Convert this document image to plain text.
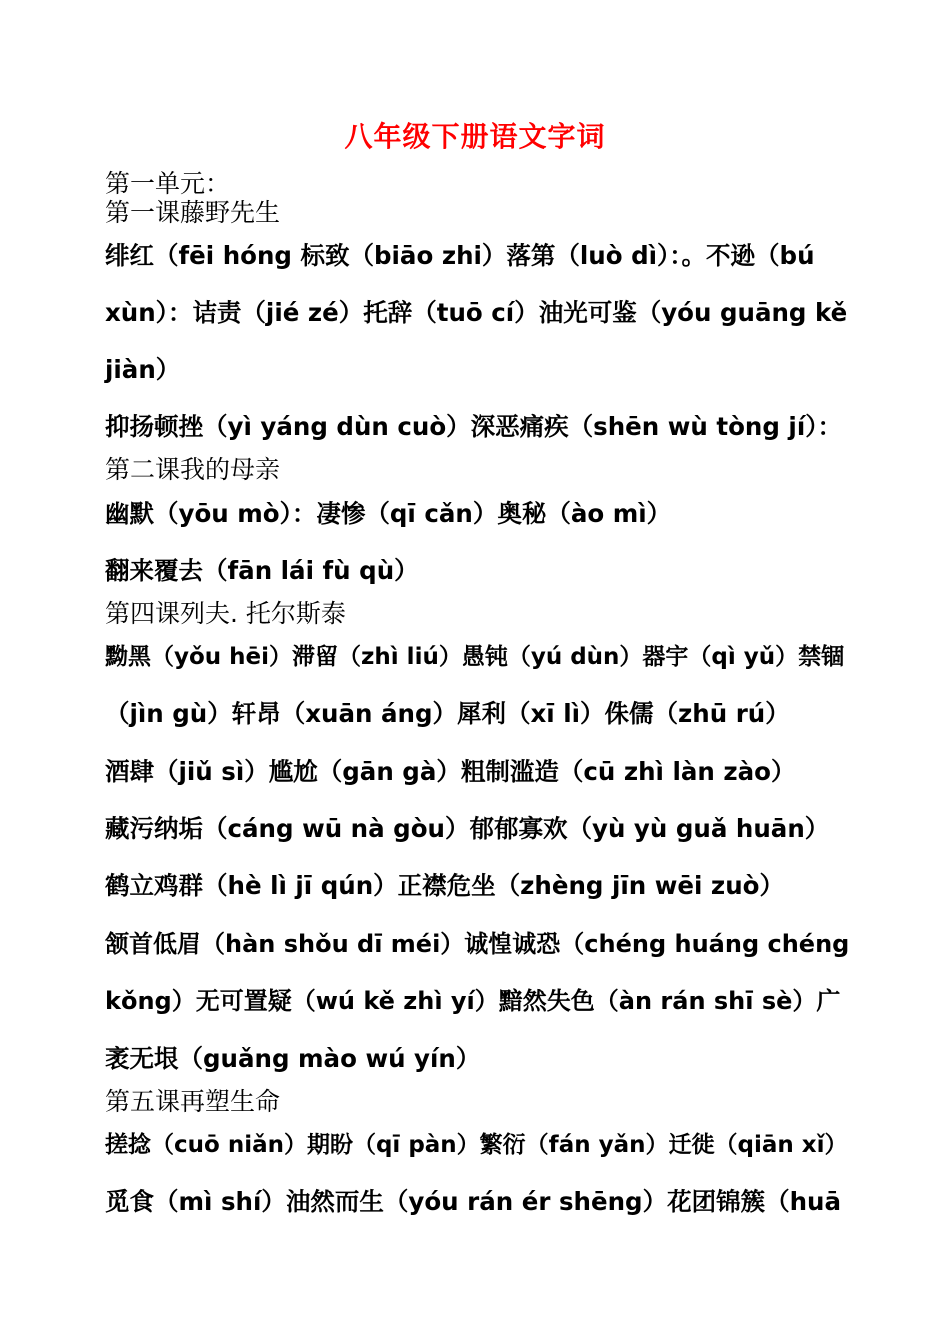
八年级下册语文字词
第一单元：
第一课藤野先生
绯红（fēi hóng 标致（biāo zhi）落第（luò dì）：。不逊（bú
xùn）：诘责（jié zé）托辞（tuō cí）油光可鉴（yóu guāng kě
jiàn）
抑扬顿挫（yì yáng dùn cuò）深恶痛疾（shēn wù tòng jí）：
第二课我的母亲
幽默（yōu mò）：凄惨（qī cǎn）奥秘（ào mì）
翻来覆去（fān lái fù qù）
第四课列夫. 托尔斯泰
黝黑（yǒu hēi）滞留（zhì liú）愚钝（yú dùn）器宇（qì yǔ）禁锢
（jìn gù）轩昂（xuān áng）犀利（xī lì）侏儒（zhū rú）
酒肆（jiǔ sì）尴尬（gān gà）粗制滥造（cū zhì làn zào）
藏污纳垢（cáng wū nà gòu）郁郁寡欢（yù yù guǎ huān）
鹤立鸡群（hè lì jī qún）正襟危坐（zhèng jīn wēi zuò）
颔首低眉（hàn shǒu dī méi）诚惶诚恐（chéng huáng chéng
kǒng）无可置疑（wú kě zhì yí）黯然失色（àn rán shī sè）广
袤无垠（guǎng mào wú yín）
第五课再塑生命
搓捻（cuō niǎn）期盼（qī pàn）繁衍（fán yǎn）迁徙（qiān xǐ）
觅食（mì shí）油然而生（yóu rán ér shēng）花团锦簇（huā
